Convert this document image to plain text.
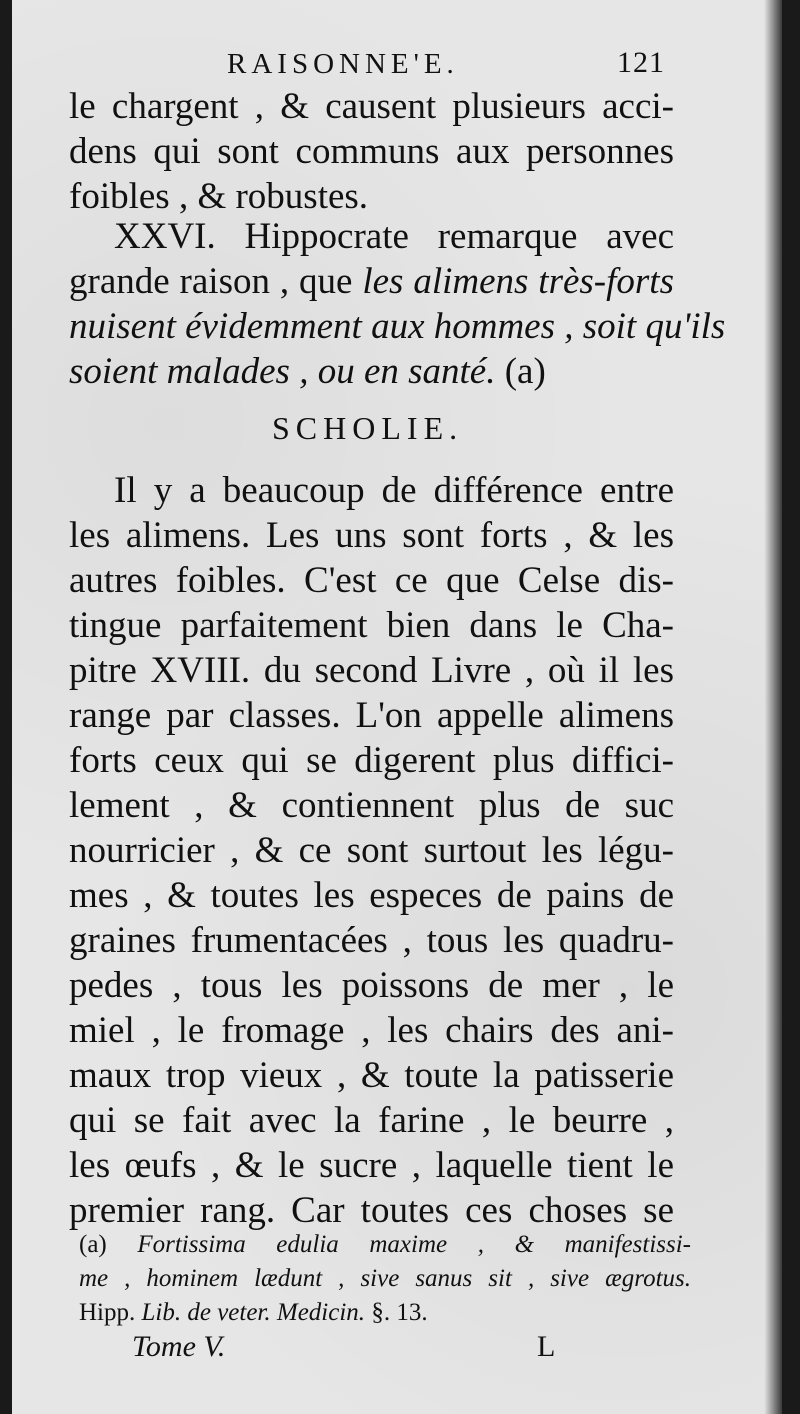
RAISONNE'E.	121
le chargent , & causent plusieurs acci-
dens qui sont communs aux personnes
foibles , & robustes.
XXVI. Hippocrate remarque avec
grande raison , que les alimens très-forts
nuisent évidemment aux hommes , soit qu'ils
soient malades , ou en santé. (a)
SCHOLIE.
Il y a beaucoup de différence entre
les alimens. Les uns sont forts , & les
autres foibles. C'est ce que Celse dis-
tingue parfaitement bien dans le Cha-
pitre XVIII. du second Livre , où il les
range par classes. L'on appelle alimens
forts ceux qui se digerent plus diffici-
lement , & contiennent plus de suc
nourricier , & ce sont surtout les légu-
mes , & toutes les especes de pains de
graines frumentacées , tous les quadru-
pedes , tous les poissons de mer , le
miel , le fromage , les chairs des ani-
maux trop vieux , & toute la patisserie
qui se fait avec la farine , le beurre ,
les œufs , & le sucre , laquelle tient le
premier rang. Car toutes ces choses se
(a) Fortissima edulia maxime , & manifestissi-
me , hominem lædunt , sive sanus sit , sive ægrotus.
Hipp. Lib. de veter. Medicin. §. 13.
Tome V.	L
